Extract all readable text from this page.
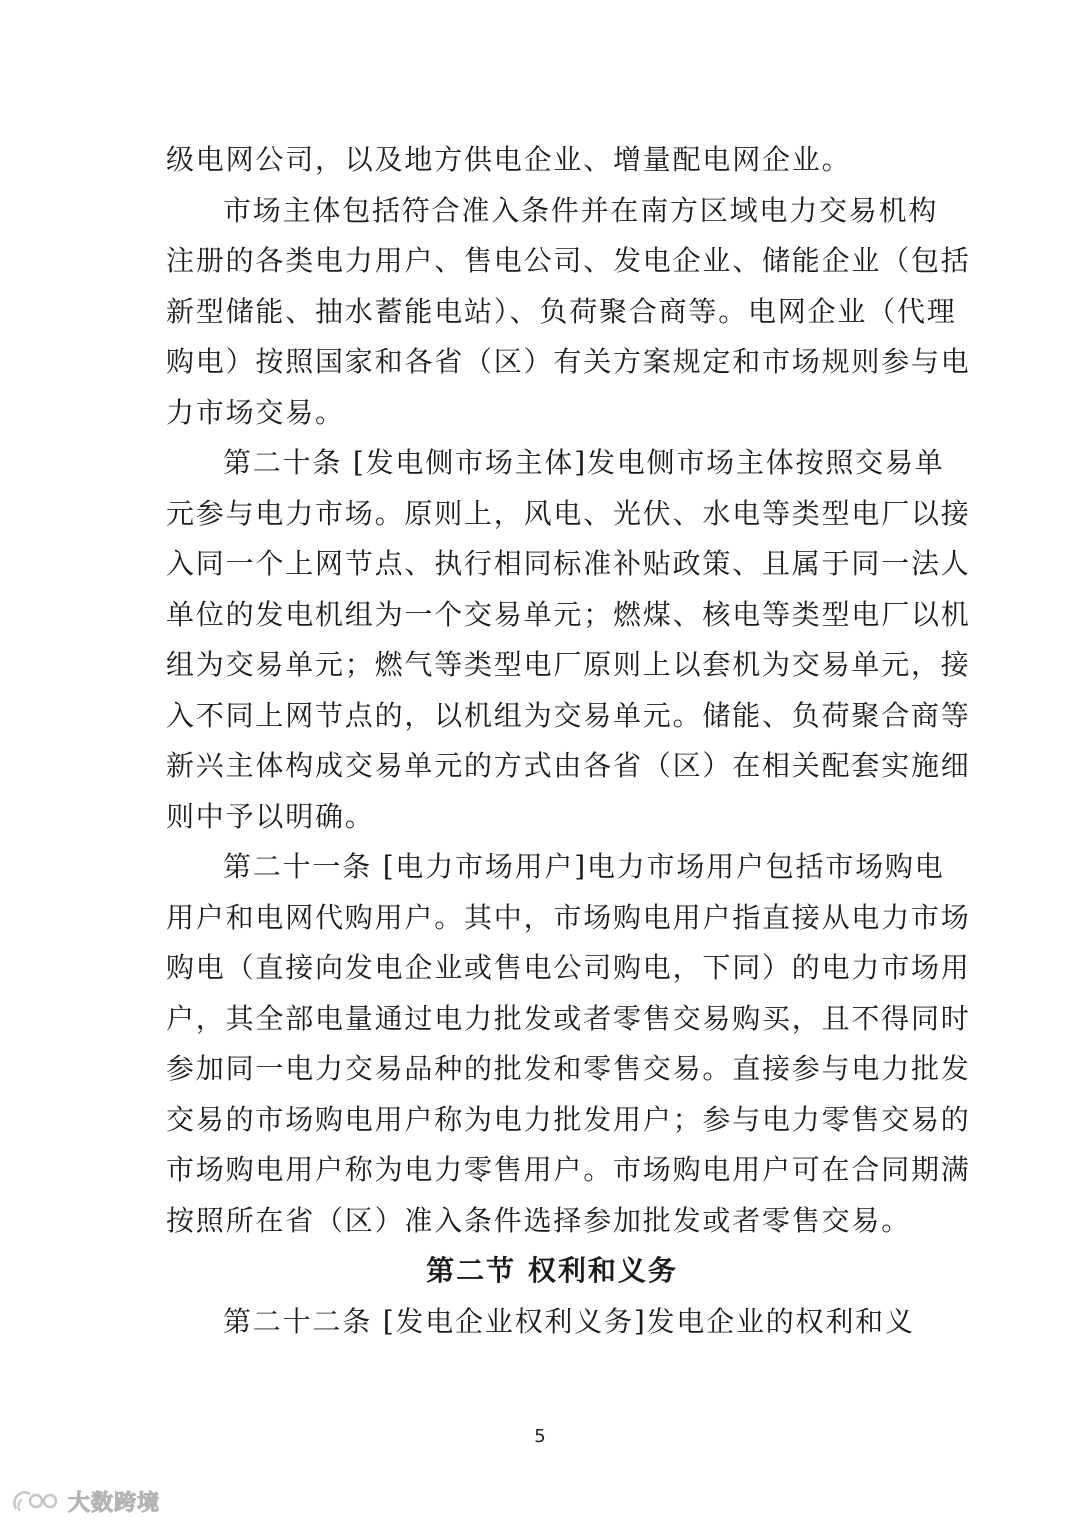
级电网公司，以及地方供电企业、增量配电网企业。
市场主体包括符合准入条件并在南方区域电力交易机构
注册的各类电力用户、售电公司、发电企业、储能企业（包括
新型储能、抽水蓄能电站）、负荷聚合商等。电网企业（代理
购电）按照国家和各省（区）有关方案规定和市场规则参与电
力市场交易。
第二十条 [发电侧市场主体]发电侧市场主体按照交易单
元参与电力市场。原则上，风电、光伏、水电等类型电厂以接
入同一个上网节点、执行相同标准补贴政策、且属于同一法人
单位的发电机组为一个交易单元；燃煤、核电等类型电厂以机
组为交易单元；燃气等类型电厂原则上以套机为交易单元，接
入不同上网节点的，以机组为交易单元。储能、负荷聚合商等
新兴主体构成交易单元的方式由各省（区）在相关配套实施细
则中予以明确。
第二十一条 [电力市场用户]电力市场用户包括市场购电
用户和电网代购用户。其中，市场购电用户指直接从电力市场
购电（直接向发电企业或售电公司购电，下同）的电力市场用
户，其全部电量通过电力批发或者零售交易购买，且不得同时
参加同一电力交易品种的批发和零售交易。直接参与电力批发
交易的市场购电用户称为电力批发用户；参与电力零售交易的
市场购电用户称为电力零售用户。市场购电用户可在合同期满
按照所在省（区）准入条件选择参加批发或者零售交易。
第二节 权利和义务
第二十二条 [发电企业权利义务]发电企业的权利和义
5
大数跨境
